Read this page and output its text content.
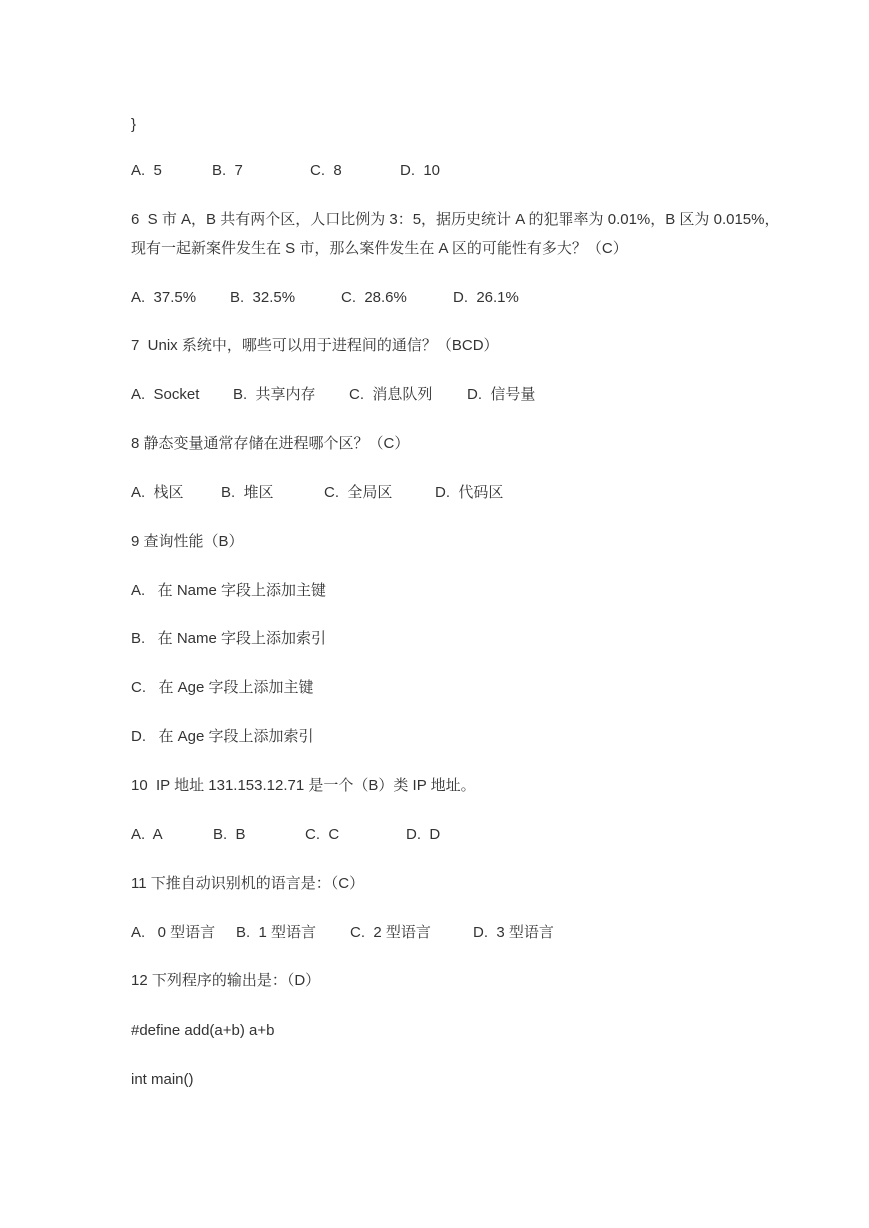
}

A.  5

	B.  7

	C.  8

	D.  10

6  S 市 A，B 共有两个区，人口比例为 3：5，据历史统计 A 的犯罪率为 0.01%，B 区为 0.015%，
现有一起新案件发生在 S 市，那么案件发生在 A 区的可能性有多大？（C）

A.  37.5%

B.  32.5%

	C.  28.6%

	D.  26.1%

7  Unix 系统中，哪些可以用于进程间的通信？（BCD）

A.  Socket

B.  共享内存

C.  消息队列

D.  信号量

8 静态变量通常存储在进程哪个区？（C）

A.  栈区

B.  堆区

	C.  全局区

	D.  代码区

9 查询性能（B）
A.   在 Name 字段上添加主键
B.   在 Name 字段上添加索引
C.   在 Age 字段上添加主键
D.   在 Age 字段上添加索引
10  IP 地址 131.153.12.71 是一个（B）类 IP 地址。

A.  A

	B.  B

	C.  C

	D.  D

11 下推自动识别机的语言是：（C）

A.   0 型语言

B.  1 型语言

C.  2 型语言

	D.  3 型语言

12 下列程序的输出是：（D）
#define add(a+b) a+b
int main()
